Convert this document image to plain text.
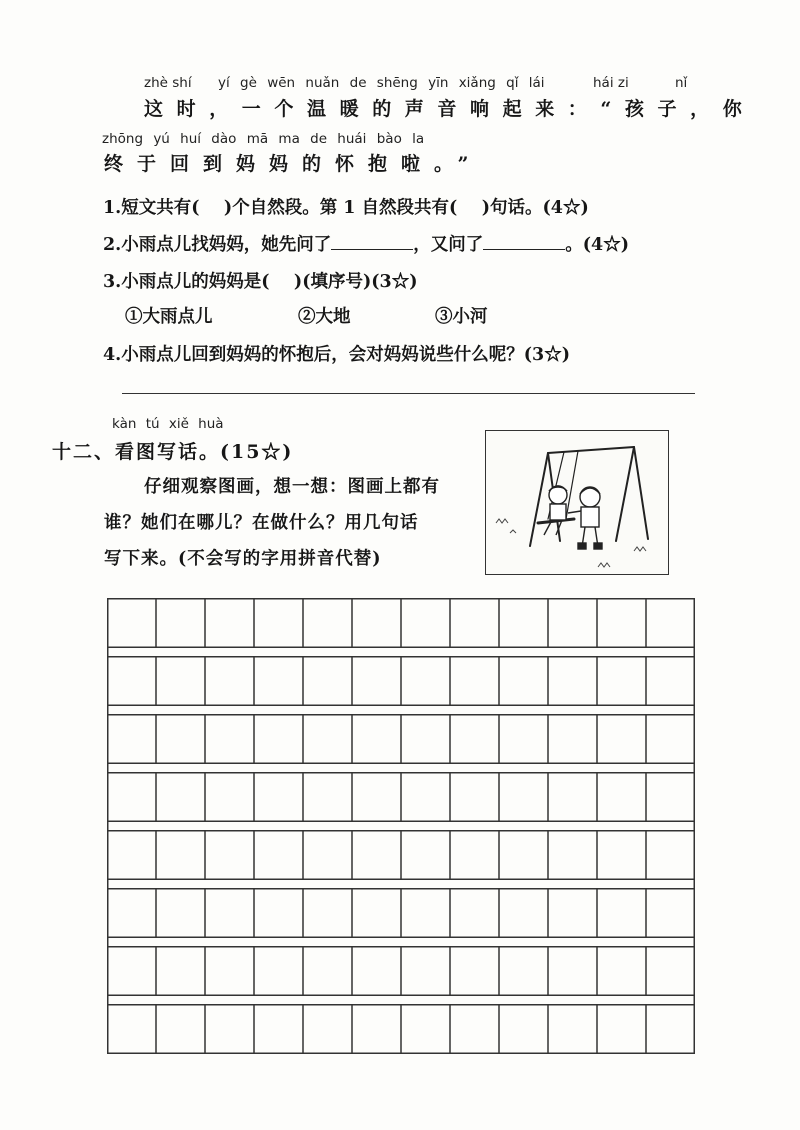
zhè shí yí gè wēn nuǎn de shēng yīn xiǎng qǐ lái	hái zi	nǐ
这时，一个温暖的声音响起来：“孩子，你
zhōng yú huí dào mā ma de huái bào la
终于回到妈妈的怀抱啦。”
1.短文共有(    )个自然段。第 1 自然段共有(    )句话。(4☆)
2.小雨点儿找妈妈，她先问了	，又问了	。(4☆)
3.小雨点儿的妈妈是(    )(填序号)(3☆)
①大雨点儿	②大地	③小河
4.小雨点儿回到妈妈的怀抱后，会对妈妈说些什么呢？(3☆)
kàn tú xiě huà
十二、看图写话。(15☆)
仔细观察图画，想一想：图画上都有
谁？她们在哪儿？在做什么？用几句话
写下来。(不会写的字用拼音代替)
